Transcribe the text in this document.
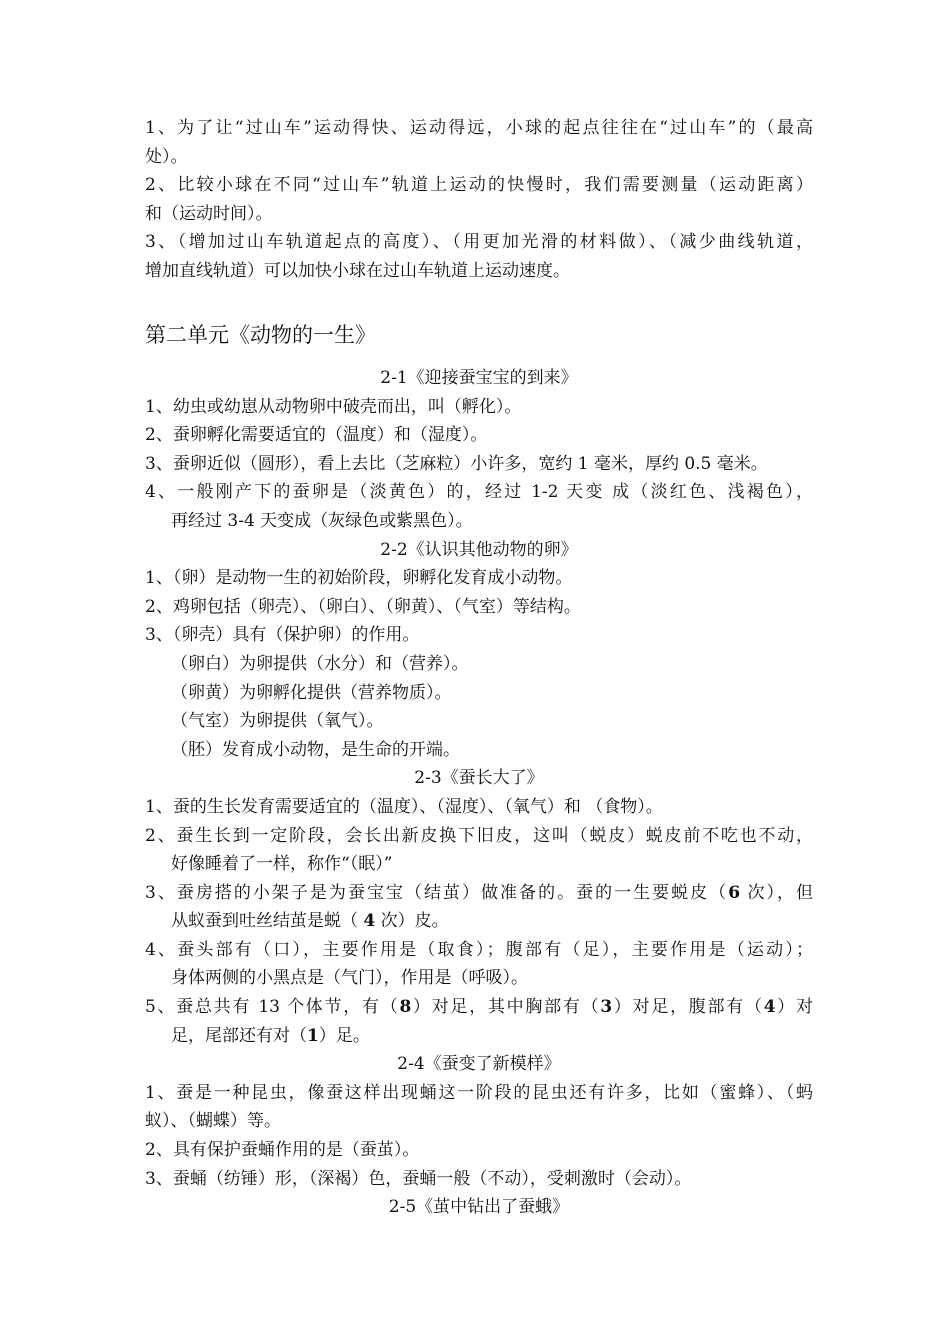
1、为了让“过山车”运动得快、运动得远，小球的起点往往在“过山车”的（最高
处）。
2、比较小球在不同“过山车”轨道上运动的快慢时，我们需要测量（运动距离）
和（运动时间）。
3、（增加过山车轨道起点的高度）、（用更加光滑的材料做）、（减少曲线轨道，
增加直线轨道）可以加快小球在过山车轨道上运动速度。
第二单元《动物的一生》
2-1《迎接蚕宝宝的到来》
1、幼虫或幼崽从动物卵中破壳而出，叫（孵化）。
2、蚕卵孵化需要适宜的（温度）和（湿度）。
3、蚕卵近似（圆形），看上去比（芝麻粒）小许多，宽约 1 毫米，厚约 0.5 毫米。
4、一般刚产下的蚕卵是（淡黄色）的，经过 1-2 天变 成（淡红色、浅褐色），
再经过 3-4 天变成（灰绿色或紫黑色）。
2-2《认识其他动物的卵》
1、（卵）是动物一生的初始阶段，卵孵化发育成小动物。
2、鸡卵包括（卵壳）、（卵白）、（卵黄）、（气室）等结构。
3、（卵壳）具有（保护卵）的作用。
（卵白）为卵提供（水分）和（营养）。
（卵黄）为卵孵化提供（营养物质）。
（气室）为卵提供（氧气）。
（胚）发育成小动物，是生命的开端。
2-3《蚕长大了》
1、蚕的生长发育需要适宜的（温度）、（湿度）、（氧气）和 （食物）。
2、蚕生长到一定阶段，会长出新皮换下旧皮，这叫（蜕皮）蜕皮前不吃也不动，
好像睡着了一样，称作“（眠）”
3、蚕房搭的小架子是为蚕宝宝（结茧）做准备的。蚕的一生要蜕皮（6 次），但
从蚁蚕到吐丝结茧是蜕（ 4 次）皮。
4、蚕头部有（口），主要作用是（取食）；腹部有（足），主要作用是（运动）；
身体两侧的小黑点是（气门），作用是（呼吸）。
5、蚕总共有 13 个体节，有（8）对足，其中胸部有（3）对足，腹部有（4）对
足，尾部还有对（1）足。
2-4《蚕变了新模样》
1、蚕是一种昆虫，像蚕这样出现蛹这一阶段的昆虫还有许多，比如（蜜蜂）、（蚂
蚁）、（蝴蝶）等。
2、具有保护蚕蛹作用的是（蚕茧）。
3、蚕蛹（纺锤）形，（深褐）色，蚕蛹一般（不动），受刺激时（会动）。
2-5《茧中钻出了蚕蛾》
